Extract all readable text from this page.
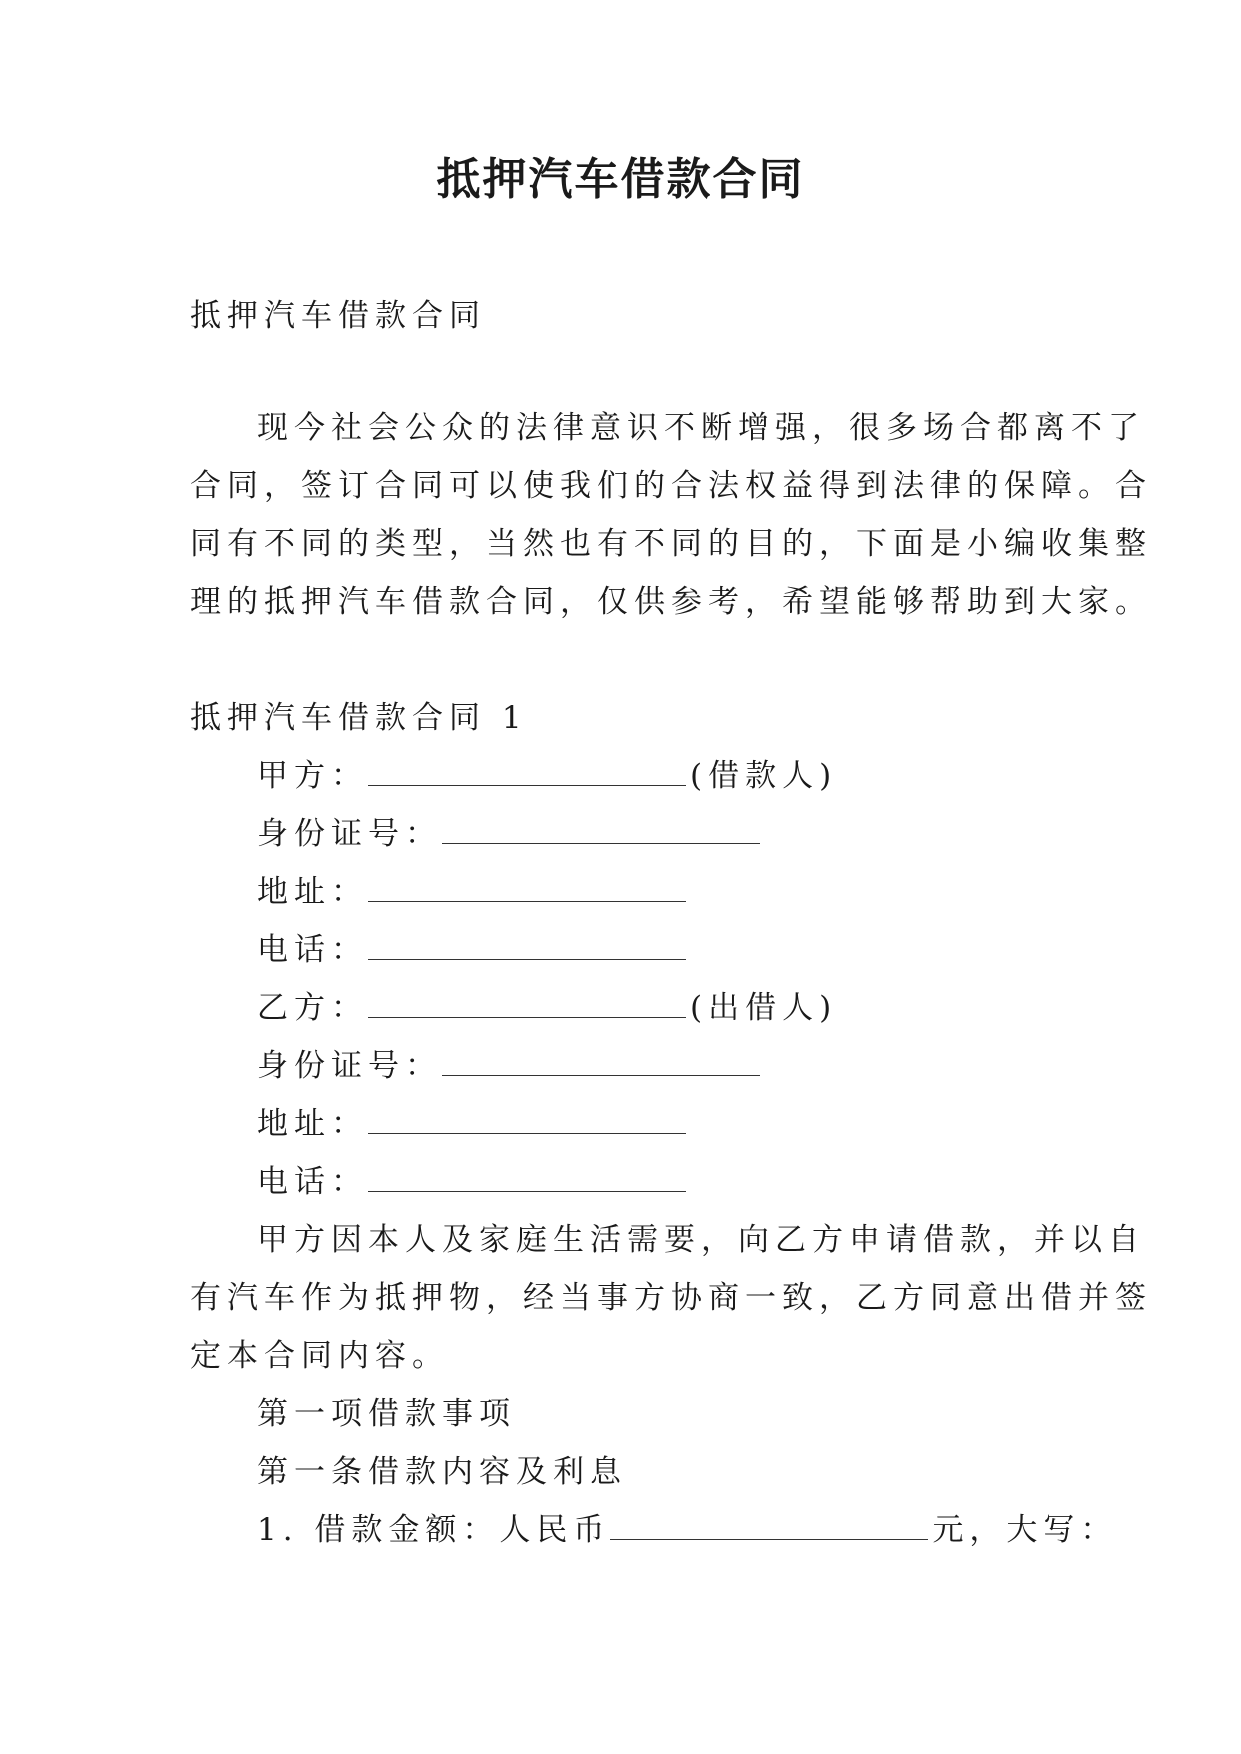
抵押汽车借款合同
抵押汽车借款合同
现今社会公众的法律意识不断增强，很多场合都离不了
合同，签订合同可以使我们的合法权益得到法律的保障。合
同有不同的类型，当然也有不同的目的，下面是小编收集整
理的抵押汽车借款合同，仅供参考，希望能够帮助到大家。
抵押汽车借款合同 1
甲方：	(借款人)
身份证号：
地址：
电话：
乙方：	(出借人)
身份证号：
地址：
电话：
甲方因本人及家庭生活需要，向乙方申请借款，并以自
有汽车作为抵押物，经当事方协商一致，乙方同意出借并签
定本合同内容。
第一项借款事项
第一条借款内容及利息
1. 借款金额：人民币	元，大写：
